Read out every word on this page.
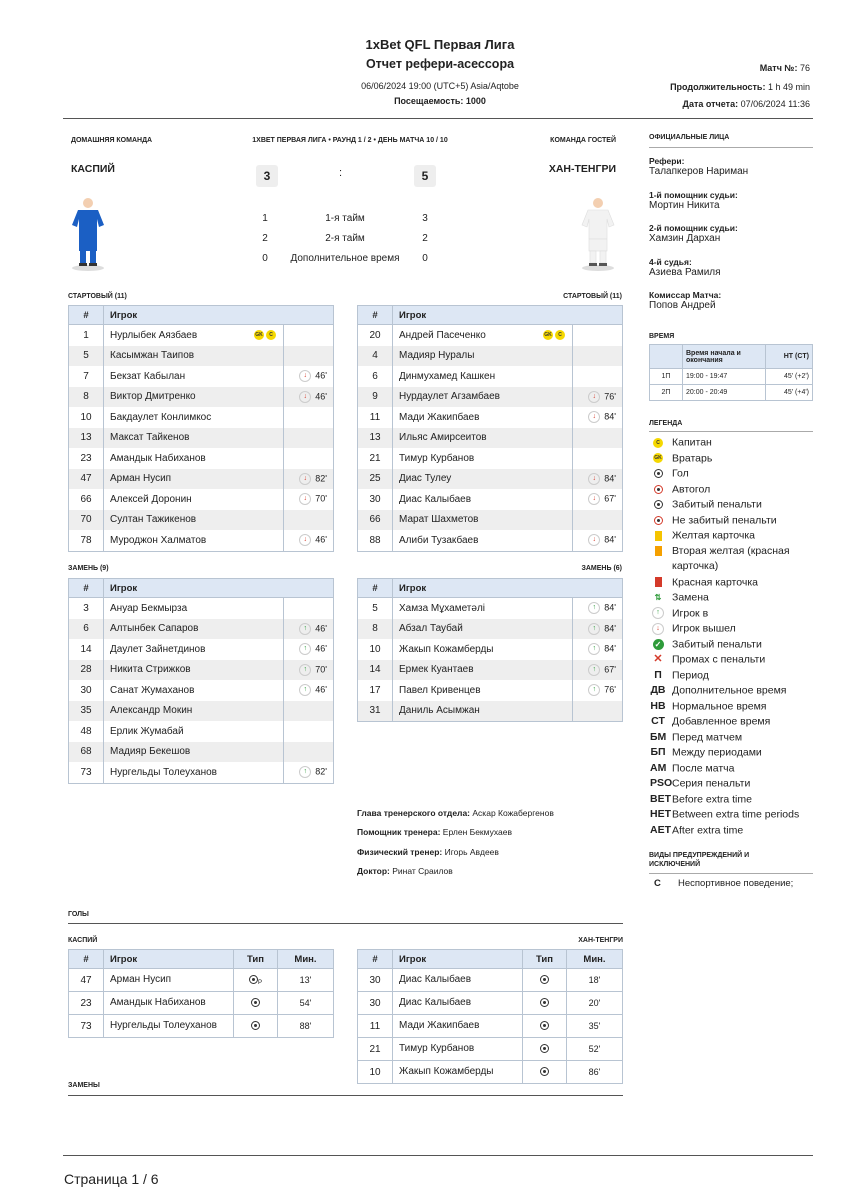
1xBet QFL Первая Лига
Отчет рефери-асессора
06/06/2024 19:00 (UTC+5) Asia/Aqtobe
Посещаемость: 1000
Матч №: 76
Продолжительность: 1 h 49 min
Дата отчета: 07/06/2024 11:36
ДОМАШНЯЯ КОМАНДА	1XBET ПЕРВАЯ ЛИГА • РАУНД 1 / 2 • ДЕНЬ МАТЧА 10 / 10	КОМАНДА ГОСТЕЙ
КАСПИЙ	ХАН-ТЕНГРИ
3	:	5
1	1-я тайм	3
2	2-я тайм	2
0	Дополнительное время	0
СТАРТОВЫЙ (11)	СТАРТОВЫЙ (11)
#	Игрок	
1	Нурлыбек Аязбаев GK C	
5	Касымжан Таипов	
7	Бекзат Кабылан	↓ 46'
8	Виктор Дмитренко	↓ 46'
10	Бакдаулет Конлимкос	
13	Максат Тайкенов	
23	Амандык Набиханов	
47	Арман Нусип	↓ 82'
66	Алексей Доронин	↓ 70'
70	Султан Тажикенов	
78	Муроджон Халматов	↓ 46'
#	Игрок	
20	Андрей Пасеченко GK C	
4	Мадияр Нуралы	
6	Динмухамед Кашкен	
9	Нурдаулет Агзамбаев	↓ 76'
11	Мади Жакипбаев	↓ 84'
13	Ильяс Амирсеитов	
21	Тимур Курбанов	
25	Диас Тулеу	↓ 84'
30	Диас Калыбаев	↓ 67'
66	Марат Шахметов	
88	Алиби Тузакбаев	↓ 84'
ЗАМЕНЬ (9)	ЗАМЕНЬ (6)
#	Игрок	
3	Ануар Бекмырза	
6	Алтынбек Сапаров	↑ 46'
14	Даулет Зайнетдинов	↑ 46'
28	Никита Стрижков	↑ 70'
30	Санат Жумаханов	↑ 46'
35	Александр Мокин	
48	Ерлик Жумабай	
68	Мадияр Бекешов	
73	Нургельды Толеуханов	↑ 82'
#	Игрок	
5	Хамза Мұхаметәлі	↑ 84'
8	Абзал Таубай	↑ 84'
10	Жакып Кожамберды	↑ 84'
14	Ермек Куантаев	↑ 67'
17	Павел Кривенцев	↑ 76'
31	Даниль Асымжан	
Глава тренерского отдела: Аскар Кожабергенов
Помощник тренера: Ерлен Бекмухаев
Физический тренер: Игорь Авдеев
Доктор: Ринат Сраилов
ОФИЦИАЛЬНЫЕ ЛИЦА
Рефери:
Талапкеров Нариман
1-й помощник судьи:
Мортин Никита
2-й помощник судьи:
Хамзин Дархан
4-й судья:
Азиева Рамиля
Комиссар Матча:
Попов Андрей
ВРЕМЯ
	Время начала и окончания	HT (CT)
1П	19:00 - 19:47	45' (+2')
2П	20:00 - 20:49	45' (+4')
ЛЕГЕНДА
C Капитан
GK Вратарь
Гол
Автогол
Забитый пенальти
Не забитый пенальти
Желтая карточка
Вторая желтая (красная карточка)
Красная карточка
⇅ Замена
↑ Игрок в
↓ Игрок вышел
✓ Забитый пенальти
✕ Промах с пенальти
П Период
ДВ Дополнительное время
НВ Нормальное время
СТ Добавленное время
БМ Перед матчем
БП Между периодами
АМ После матча
PSOСерия пенальти
BETBefore extra time
HETBetween extra time periods
AETAfter extra time
ВИДЫ ПРЕДУПРЕЖДЕНИЙ И ИСКЛЮЧЕНИЙ
C Неспортивное поведение;
ГОЛЫ
КАСПИЙ	ХАН-ТЕНГРИ
#	Игрок	Тип	Мин.
47	Арман Нусип	P	13'
23	Амандык Набиханов		54'
73	Нургельды Толеуханов		88'
#	Игрок	Тип	Мин.
30	Диас Калыбаев		18'
30	Диас Калыбаев		20'
11	Мади Жакипбаев		35'
21	Тимур Курбанов		52'
10	Жакып Кожамберды		86'
ЗАМЕНЫ
Страница 1 / 6
